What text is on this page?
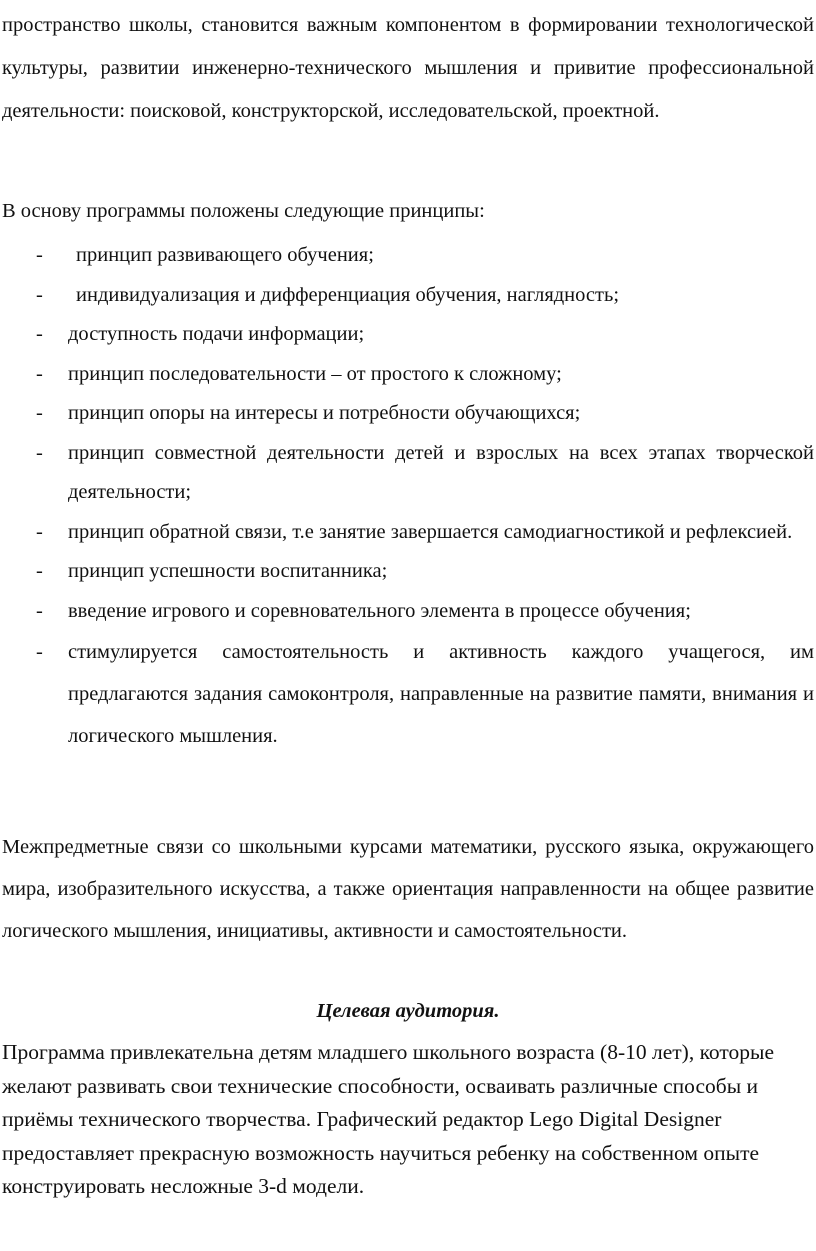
пространство школы, становится важным компонентом в формировании технологической культуры, развитии инженерно-технического мышления и привитие профессиональной деятельности: поисковой, конструкторской, исследовательской, проектной.

В основу программы положены следующие принципы:

- принцип развивающего обучения;
- индивидуализация и дифференциация обучения, наглядность;
- доступность подачи информации;
- принцип последовательности – от простого к сложному;
- принцип опоры на интересы и потребности обучающихся;
- принцип совместной деятельности детей и взрослых на всех этапах творческой деятельности;
- принцип обратной связи, т.е занятие завершается самодиагностикой и рефлексией.
- принцип успешности воспитанника;
- введение игрового и соревновательного элемента в процессе обучения;
- стимулируется самостоятельность и активность каждого учащегося, им предлагаются задания самоконтроля, направленные на развитие памяти, внимания и логического мышления.

Межпредметные связи со школьными курсами математики, русского языка, окружающего мира, изобразительного искусства, а также ориентация направленности на общее развитие логического мышления, инициативы, активности и самостоятельности.

Целевая аудитория.

Программа привлекательна детям младшего школьного возраста (8-10 лет), которые желают развивать свои технические способности, осваивать различные способы и приёмы технического творчества. Графический редактор Lego Digital Designer предоставляет прекрасную возможность научиться ребенку на собственном опыте конструировать несложные 3-d модели.
